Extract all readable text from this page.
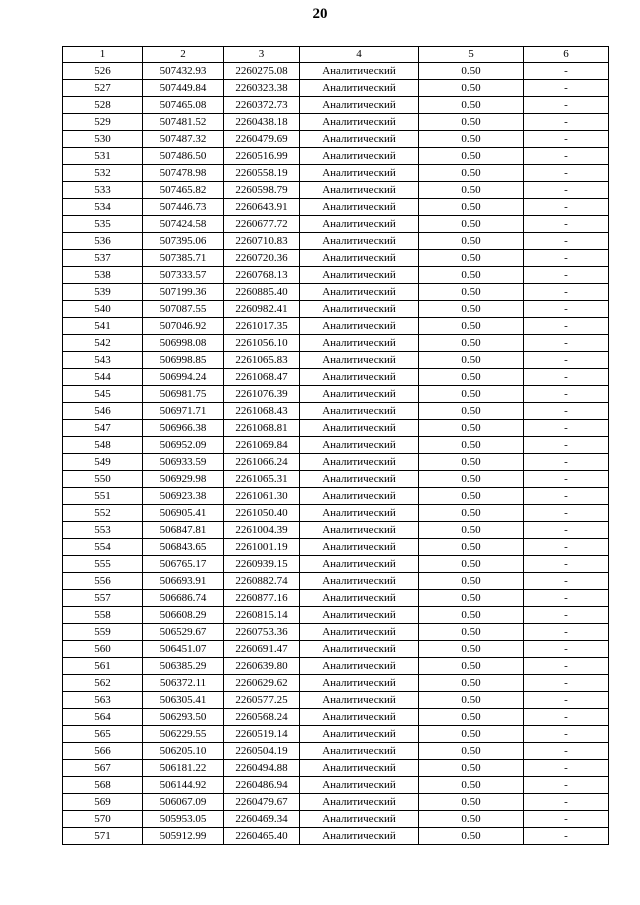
20
1	2	3	4	5	6
526	507432.93	2260275.08	Аналитический	0.50	-
527	507449.84	2260323.38	Аналитический	0.50	-
528	507465.08	2260372.73	Аналитический	0.50	-
529	507481.52	2260438.18	Аналитический	0.50	-
530	507487.32	2260479.69	Аналитический	0.50	-
531	507486.50	2260516.99	Аналитический	0.50	-
532	507478.98	2260558.19	Аналитический	0.50	-
533	507465.82	2260598.79	Аналитический	0.50	-
534	507446.73	2260643.91	Аналитический	0.50	-
535	507424.58	2260677.72	Аналитический	0.50	-
536	507395.06	2260710.83	Аналитический	0.50	-
537	507385.71	2260720.36	Аналитический	0.50	-
538	507333.57	2260768.13	Аналитический	0.50	-
539	507199.36	2260885.40	Аналитический	0.50	-
540	507087.55	2260982.41	Аналитический	0.50	-
541	507046.92	2261017.35	Аналитический	0.50	-
542	506998.08	2261056.10	Аналитический	0.50	-
543	506998.85	2261065.83	Аналитический	0.50	-
544	506994.24	2261068.47	Аналитический	0.50	-
545	506981.75	2261076.39	Аналитический	0.50	-
546	506971.71	2261068.43	Аналитический	0.50	-
547	506966.38	2261068.81	Аналитический	0.50	-
548	506952.09	2261069.84	Аналитический	0.50	-
549	506933.59	2261066.24	Аналитический	0.50	-
550	506929.98	2261065.31	Аналитический	0.50	-
551	506923.38	2261061.30	Аналитический	0.50	-
552	506905.41	2261050.40	Аналитический	0.50	-
553	506847.81	2261004.39	Аналитический	0.50	-
554	506843.65	2261001.19	Аналитический	0.50	-
555	506765.17	2260939.15	Аналитический	0.50	-
556	506693.91	2260882.74	Аналитический	0.50	-
557	506686.74	2260877.16	Аналитический	0.50	-
558	506608.29	2260815.14	Аналитический	0.50	-
559	506529.67	2260753.36	Аналитический	0.50	-
560	506451.07	2260691.47	Аналитический	0.50	-
561	506385.29	2260639.80	Аналитический	0.50	-
562	506372.11	2260629.62	Аналитический	0.50	-
563	506305.41	2260577.25	Аналитический	0.50	-
564	506293.50	2260568.24	Аналитический	0.50	-
565	506229.55	2260519.14	Аналитический	0.50	-
566	506205.10	2260504.19	Аналитический	0.50	-
567	506181.22	2260494.88	Аналитический	0.50	-
568	506144.92	2260486.94	Аналитический	0.50	-
569	506067.09	2260479.67	Аналитический	0.50	-
570	505953.05	2260469.34	Аналитический	0.50	-
571	505912.99	2260465.40	Аналитический	0.50	-
